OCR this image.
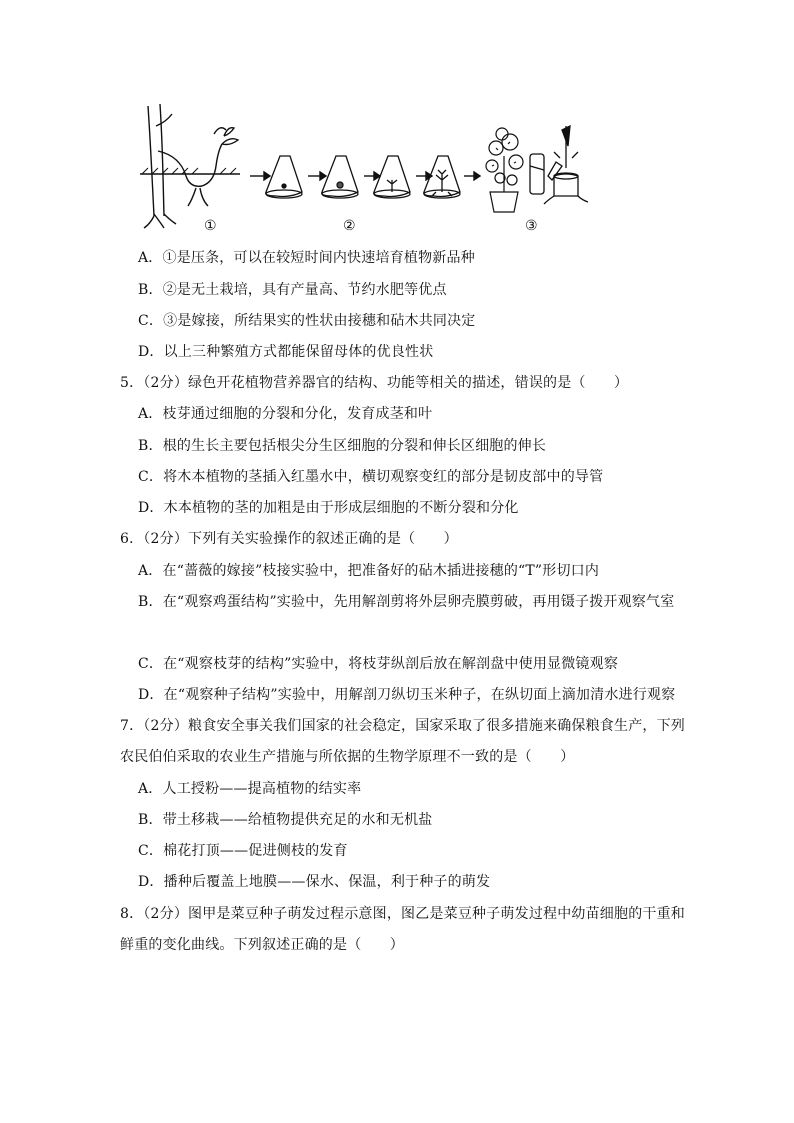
①	②	③
A．①是压条，可以在较短时间内快速培育植物新品种
B．②是无土栽培，具有产量高、节约水肥等优点
C．③是嫁接，所结果实的性状由接穗和砧木共同决定
D．以上三种繁殖方式都能保留母体的优良性状
5．（2分）绿色开花植物营养器官的结构、功能等相关的描述，错误的是（　　）
A．枝芽通过细胞的分裂和分化，发育成茎和叶
B．根的生长主要包括根尖分生区细胞的分裂和伸长区细胞的伸长
C．将木本植物的茎插入红墨水中，横切观察变红的部分是韧皮部中的导管
D．木本植物的茎的加粗是由于形成层细胞的不断分裂和分化
6．（2分）下列有关实验操作的叙述正确的是（　　）
A．在“蔷薇的嫁接”枝接实验中，把准备好的砧木插进接穗的“T”形切口内
B．在“观察鸡蛋结构”实验中，先用解剖剪将外层卵壳膜剪破，再用镊子拨开观察气室
C．在“观察枝芽的结构”实验中，将枝芽纵剖后放在解剖盘中使用显微镜观察
D．在“观察种子结构”实验中，用解剖刀纵切玉米种子，在纵切面上滴加清水进行观察
7．（2分）粮食安全事关我们国家的社会稳定，国家采取了很多措施来确保粮食生产，下列
农民伯伯采取的农业生产措施与所依据的生物学原理不一致的是（　　）
A．人工授粉——提高植物的结实率
B．带土移栽——给植物提供充足的水和无机盐
C．棉花打顶——促进侧枝的发育
D．播种后覆盖上地膜——保水、保温，利于种子的萌发
8．（2分）图甲是菜豆种子萌发过程示意图，图乙是菜豆种子萌发过程中幼苗细胞的干重和
鲜重的变化曲线。下列叙述正确的是（　　）
